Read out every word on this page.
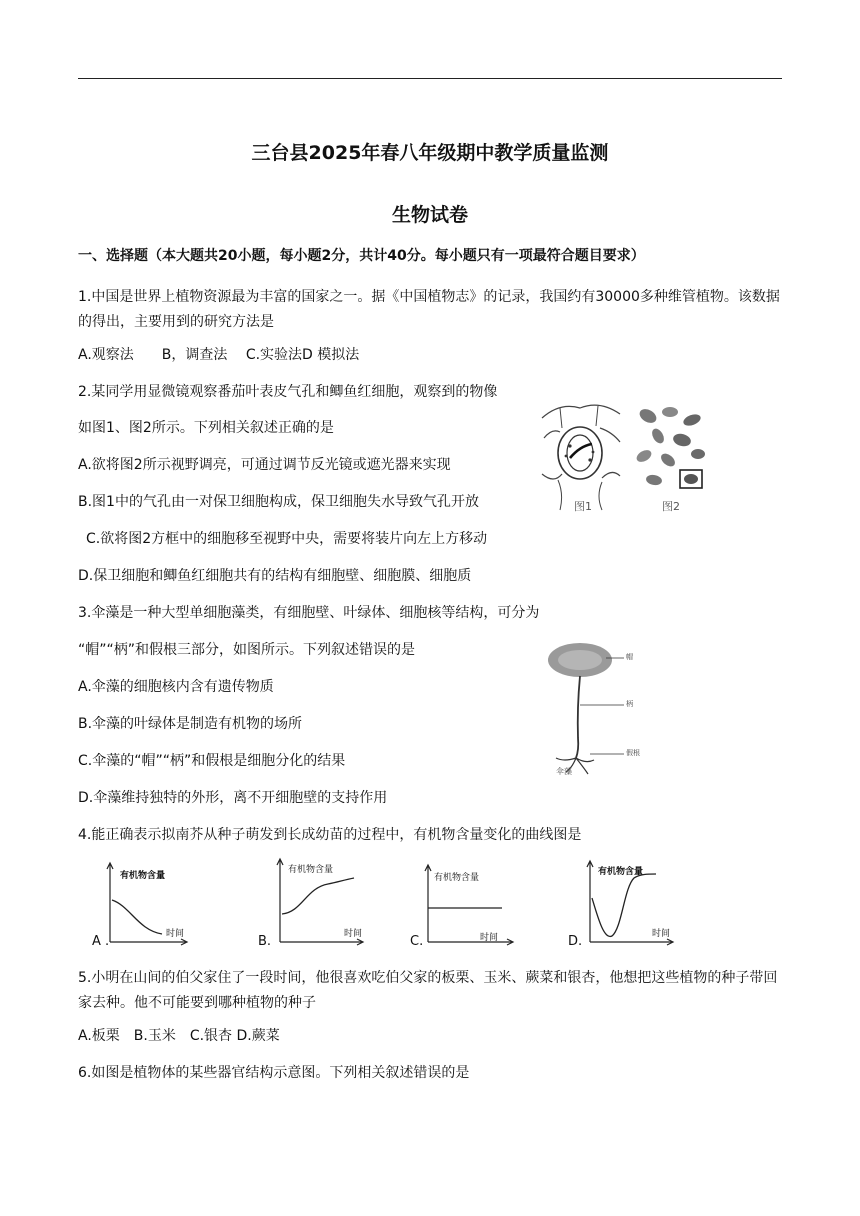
三台县2025年春八年级期中教学质量监测
生物试卷
一、选择题（本大题共20小题，每小题2分，共计40分。每小题只有一项最符合题目要求）
1.中国是世界上植物资源最为丰富的国家之一。据《中国植物志》的记录，我国约有30000多种维管植物。该数据的得出，主要用到的研究方法是
A.观察法　　B，调查法　 C.实验法D 模拟法
2.某同学用显微镜观察番茄叶表皮气孔和鲫鱼红细胞，观察到的物像
如图1、图2所示。下列相关叙述正确的是
A.欲将图2所示视野调亮，可通过调节反光镜或遮光器来实现
B.图1中的气孔由一对保卫细胞构成，保卫细胞失水导致气孔开放
C.欲将图2方框中的细胞移至视野中央，需要将装片向左上方移动
D.保卫细胞和鲫鱼红细胞共有的结构有细胞壁、细胞膜、细胞质
图1	图2
3.伞藻是一种大型单细胞藻类，有细胞壁、叶绿体、细胞核等结构，可分为
“帽”“柄”和假根三部分，如图所示。下列叙述错误的是
A.伞藻的细胞核内含有遗传物质
B.伞藻的叶绿体是制造有机物的场所
C.伞藻的“帽”“柄”和假根是细胞分化的结果
D.伞藻维持独特的外形，离不开细胞壁的支持作用
帽
柄
假根
伞藻
4.能正确表示拟南芥从种子萌发到长成幼苗的过程中，有机物含量变化的曲线图是
有机物含量
时间
A .
有机物含量
时间
B.
有机物含量
时间
C.
有机物含量
时间
D.
5.小明在山间的伯父家住了一段时间，他很喜欢吃伯父家的板栗、玉米、蕨菜和银杏，他想把这些植物的种子带回家去种。他不可能要到哪种植物的种子
A.板栗　B.玉米　C.银杏 D.蕨菜
6.如图是植物体的某些器官结构示意图。下列相关叙述错误的是
